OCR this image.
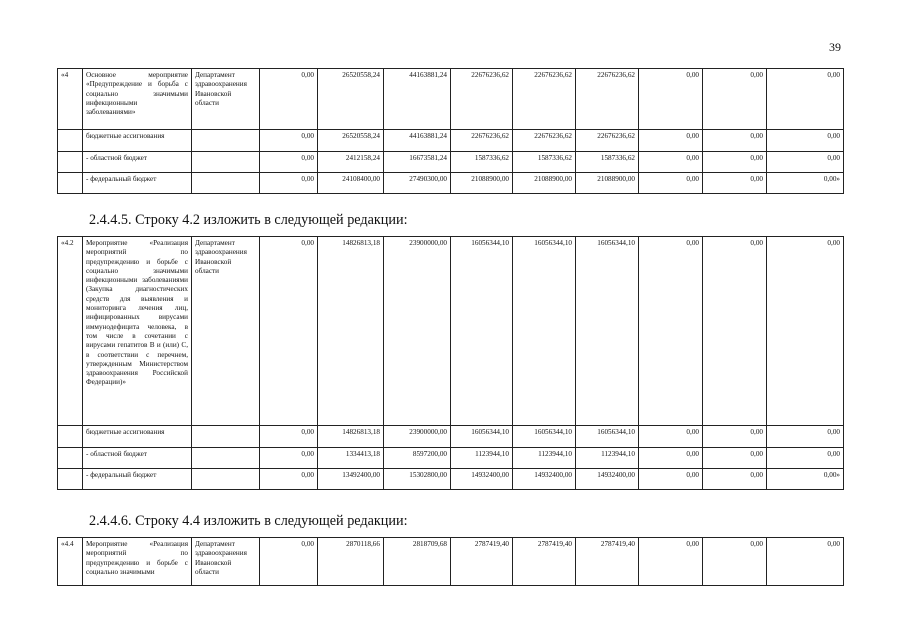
39
«4	Основное мероприятие «Предупреждение и борьба с социально значимыми инфекционными заболеваниями»	Департамент здравоохранения Ивановской области	0,00	26520558,24	44163881,24	22676236,62	22676236,62	22676236,62	0,00	0,00	0,00
	бюджетные ассигнования		0,00	26520558,24	44163881,24	22676236,62	22676236,62	22676236,62	0,00	0,00	0,00
	- областной бюджет		0,00	2412158,24	16673581,24	1587336,62	1587336,62	1587336,62	0,00	0,00	0,00
	- федеральный бюджет		0,00	24108400,00	27490300,00	21088900,00	21088900,00	21088900,00	0,00	0,00	0,00»
2.4.4.5. Строку 4.2 изложить в следующей редакции:
«4.2	Мероприятие «Реализация мероприятий по предупреждению и борьбе с социально значимыми инфекционными заболеваниями (Закупка диагностических средств для выявления и мониторинга лечения лиц, инфицированных вирусами иммунодефицита человека, в том числе в сочетании с вирусами гепатитов В и (или) С, в соответствии с перечнем, утвержденным Министерством здравоохранения Российской Федерации)»	Департамент здравоохранения Ивановской области	0,00	14826813,18	23900000,00	16056344,10	16056344,10	16056344,10	0,00	0,00	0,00
	бюджетные ассигнования		0,00	14826813,18	23900000,00	16056344,10	16056344,10	16056344,10	0,00	0,00	0,00
	- областной бюджет		0,00	1334413,18	8597200,00	1123944,10	1123944,10	1123944,10	0,00	0,00	0,00
	- федеральный бюджет		0,00	13492400,00	15302800,00	14932400,00	14932400,00	14932400,00	0,00	0,00	0,00»
2.4.4.6. Строку 4.4 изложить в следующей редакции:
«4.4	Мероприятие «Реализация мероприятий по предупреждению и борьбе с социально значимыми	Департамент здравоохранения Ивановской области	0,00	2870118,66	2818709,68	2787419,40	2787419,40	2787419,40	0,00	0,00	0,00
